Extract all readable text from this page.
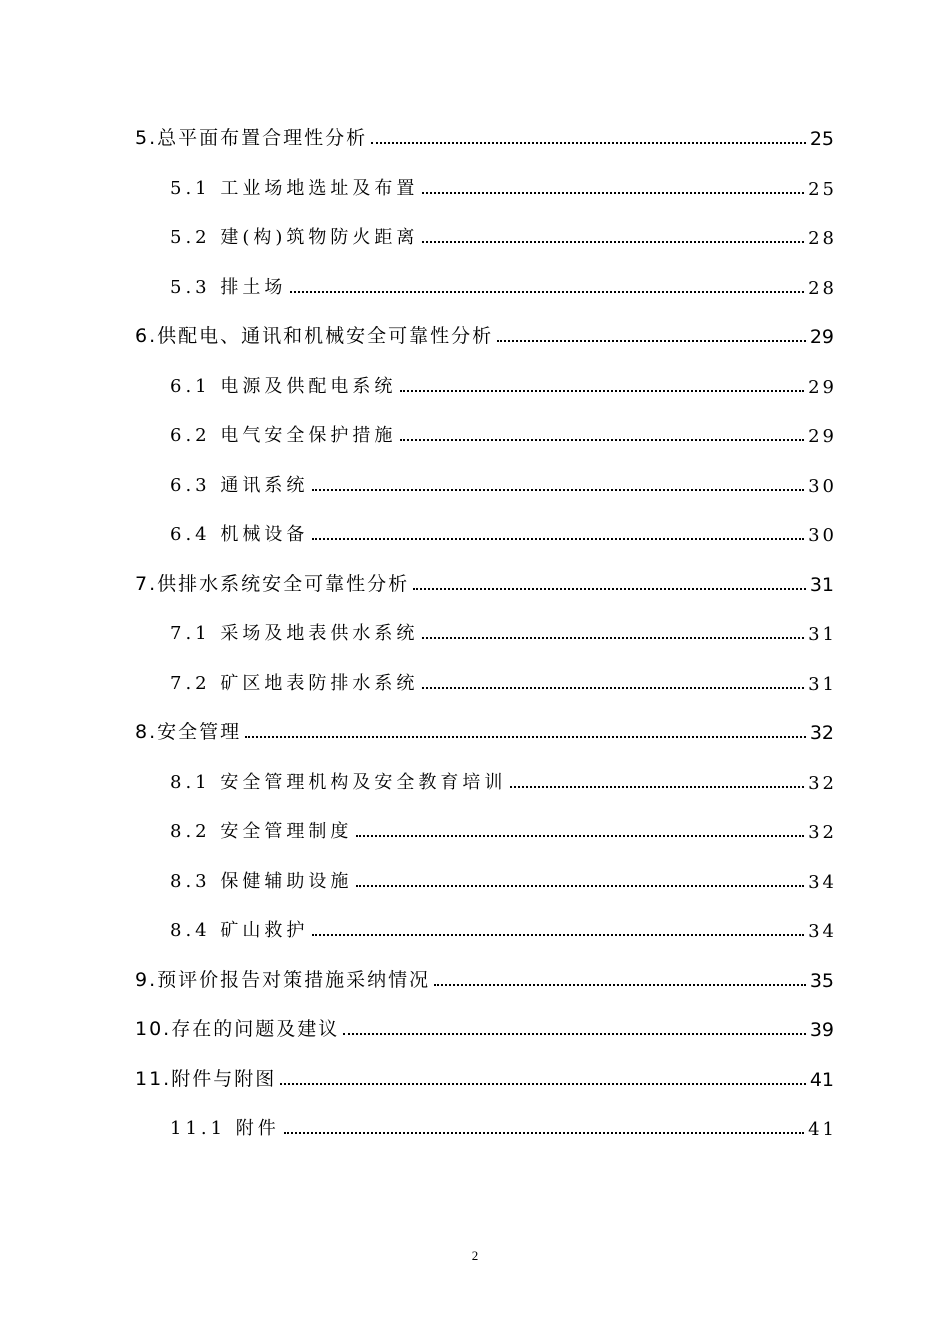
5.总平面布置合理性分析	25
5.1 工业场地选址及布置	25
5.2 建(构)筑物防火距离	28
5.3 排土场	28
6.供配电、通讯和机械安全可靠性分析	29
6.1 电源及供配电系统	29
6.2 电气安全保护措施	29
6.3 通讯系统	30
6.4 机械设备	30
7.供排水系统安全可靠性分析	31
7.1 采场及地表供水系统	31
7.2 矿区地表防排水系统	31
8.安全管理	32
8.1 安全管理机构及安全教育培训	32
8.2 安全管理制度	32
8.3 保健辅助设施	34
8.4 矿山救护	34
9.预评价报告对策措施采纳情况	35
10.存在的问题及建议	39
11.附件与附图	41
11.1 附件	41
2
